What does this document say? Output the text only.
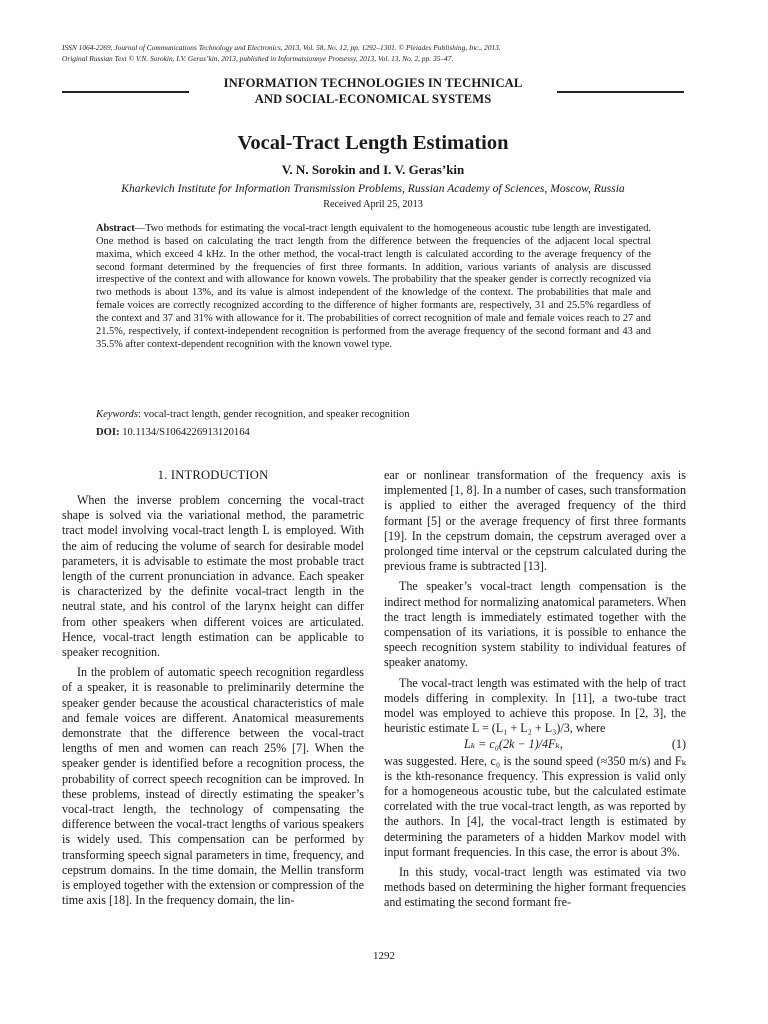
ISSN 1064-2269, Journal of Communications Technology and Electronics, 2013, Vol. 58, No. 12, pp. 1292–1301. © Pleiades Publishing, Inc., 2013.
Original Russian Text © V.N. Sorokin, I.V. Geras’kin, 2013, published in Informatsionnye Protsessy, 2013, Vol. 13, No. 2, pp. 35–47.
INFORMATION TECHNOLOGIES IN TECHNICAL
AND SOCIAL-ECONOMICAL SYSTEMS
Vocal-Tract Length Estimation
V. N. Sorokin and I. V. Geras’kin
Kharkevich Institute for Information Transmission Problems, Russian Academy of Sciences, Moscow, Russia
Received April 25, 2013
Abstract—Two methods for estimating the vocal-tract length equivalent to the homogeneous acoustic tube length are investigated. One method is based on calculating the tract length from the difference between the frequencies of the adjacent local spectral maxima, which exceed 4 kHz. In the other method, the vocal-tract length is calculated according to the average frequency of the second formant determined by the frequencies of first three formants. In addition, various variants of analysis are discussed irrespective of the context and with allowance for known vowels. The probability that the speaker gender is correctly recognized via two methods is about 13%, and its value is almost independent of the knowledge of the context. The probabilities that male and female voices are correctly recognized according to the difference of higher formants are, respectively, 31 and 25.5% regardless of the context and 37 and 31% with allowance for it. The probabilities of correct recognition of male and female voices reach to 27 and 21.5%, respectively, if context-independent recognition is performed from the average frequency of the second formant and 43 and 35.5% after context-dependent recognition with the known vowel type.
Keywords: vocal-tract length, gender recognition, and speaker recognition
DOI: 10.1134/S1064226913120164
1. INTRODUCTION

When the inverse problem concerning the vocal-tract shape is solved via the variational method, the parametric tract model involving vocal-tract length L is employed. With the aim of reducing the volume of search for desirable model parameters, it is advisable to estimate the most probable tract length of the current pronunciation in advance. Each speaker is characterized by the definite vocal-tract length in the neutral state, and his control of the larynx height can differ from other speakers when different voices are articulated. Hence, vocal-tract length estimation can be applicable to speaker recognition.

In the problem of automatic speech recognition regardless of a speaker, it is reasonable to preliminarily determine the speaker gender because the acoustical characteristics of male and female voices are different. Anatomical measurements demonstrate that the difference between the vocal-tract lengths of men and women can reach 25% [7]. When the speaker gender is identified before a recognition process, the probability of correct speech recognition can be improved. In these problems, instead of directly estimating the speaker’s vocal-tract length, the technology of compensating the difference between the vocal-tract lengths of various speakers is widely used. This compensation can be performed by transforming speech signal parameters in time, frequency, and cepstrum domains. In the time domain, the Mellin transform is employed together with the extension or compression of the time axis [18]. In the frequency domain, the lin-

ear or nonlinear transformation of the frequency axis is implemented [1, 8]. In a number of cases, such transformation is applied to either the averaged frequency of the third formant [5] or the average frequency of first three formants [19]. In the cepstrum domain, the cepstrum averaged over a prolonged time interval or the cepstrum calculated during the previous frame is subtracted [13].

The speaker’s vocal-tract length compensation is the indirect method for normalizing anatomical parameters. When the tract length is immediately estimated together with the compensation of its variations, it is possible to enhance the speech recognition system stability to individual features of speaker anatomy.

The vocal-tract length was estimated with the help of tract models differing in complexity. In [11], a two-tube tract model was employed to achieve this propose. In [2, 3], the heuristic estimate L = (L₁ + L₂ + L₃)/3, where

Lₖ = c₀(2k − 1)/4Fₖ,	(1)

was suggested. Here, c₀ is the sound speed (≈350 m/s) and Fₖ is the kth-resonance frequency. This expression is valid only for a homogeneous acoustic tube, but the calculated estimate correlated with the true vocal-tract length, as was reported by the authors. In [4], the vocal-tract length is estimated by determining the parameters of a hidden Markov model with input formant frequencies. In this case, the error is about 3%.

In this study, vocal-tract length was estimated via two methods based on determining the higher formant frequencies and estimating the second formant fre-

1292
